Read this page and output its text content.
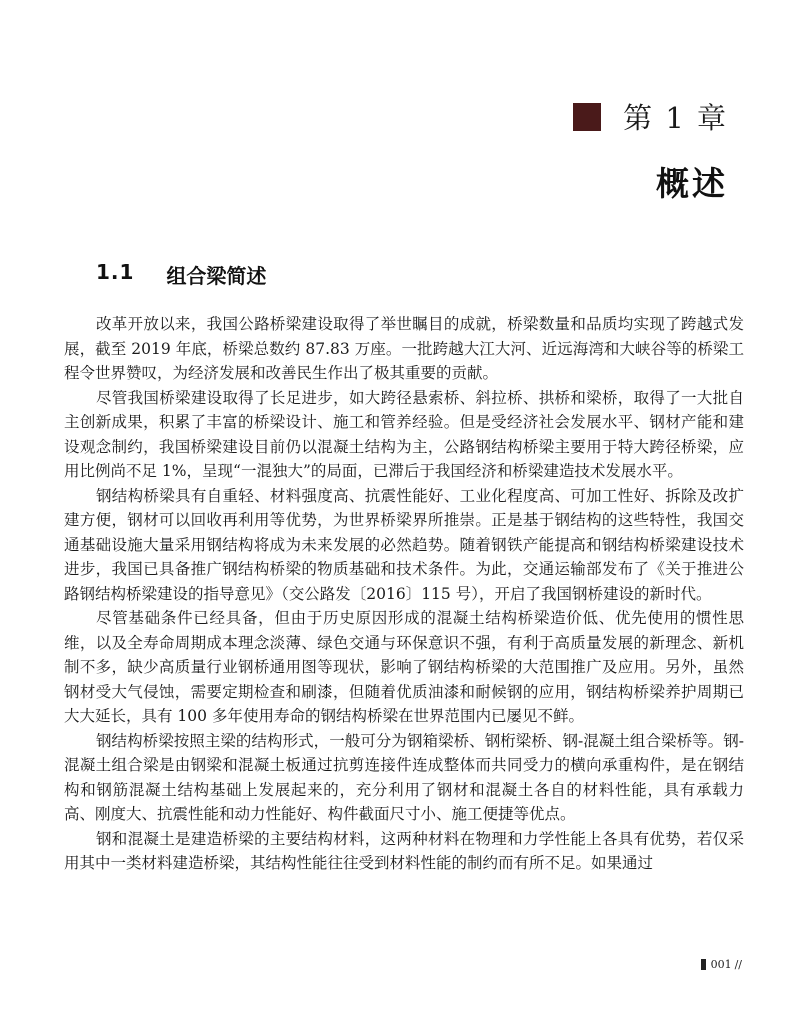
第 1 章
概述
1.1 组合梁简述

改革开放以来，我国公路桥梁建设取得了举世瞩目的成就，桥梁数量和品质均实现了跨越式发展，截至 2019 年底，桥梁总数约 87.83 万座。一批跨越大江大河、近远海湾和大峡谷等的桥梁工程令世界赞叹，为经济发展和改善民生作出了极其重要的贡献。

尽管我国桥梁建设取得了长足进步，如大跨径悬索桥、斜拉桥、拱桥和梁桥，取得了一大批自主创新成果，积累了丰富的桥梁设计、施工和管养经验。但是受经济社会发展水平、钢材产能和建设观念制约，我国桥梁建设目前仍以混凝土结构为主，公路钢结构桥梁主要用于特大跨径桥梁，应用比例尚不足 1%，呈现“一混独大”的局面，已滞后于我国经济和桥梁建造技术发展水平。

钢结构桥梁具有自重轻、材料强度高、抗震性能好、工业化程度高、可加工性好、拆除及改扩建方便，钢材可以回收再利用等优势，为世界桥梁界所推崇。正是基于钢结构的这些特性，我国交通基础设施大量采用钢结构将成为未来发展的必然趋势。随着钢铁产能提高和钢结构桥梁建设技术进步，我国已具备推广钢结构桥梁的物质基础和技术条件。为此，交通运输部发布了《关于推进公路钢结构桥梁建设的指导意见》（交公路发〔2016〕115 号），开启了我国钢桥建设的新时代。

尽管基础条件已经具备，但由于历史原因形成的混凝土结构桥梁造价低、优先使用的惯性思维，以及全寿命周期成本理念淡薄、绿色交通与环保意识不强，有利于高质量发展的新理念、新机制不多，缺少高质量行业钢桥通用图等现状，影响了钢结构桥梁的大范围推广及应用。另外，虽然钢材受大气侵蚀，需要定期检查和刷漆，但随着优质油漆和耐候钢的应用，钢结构桥梁养护周期已大大延长，具有 100 多年使用寿命的钢结构桥梁在世界范围内已屡见不鲜。

钢结构桥梁按照主梁的结构形式，一般可分为钢箱梁桥、钢桁梁桥、钢-混凝土组合梁桥等。钢-混凝土组合梁是由钢梁和混凝土板通过抗剪连接件连成整体而共同受力的横向承重构件，是在钢结构和钢筋混凝土结构基础上发展起来的，充分利用了钢材和混凝土各自的材料性能，具有承载力高、刚度大、抗震性能和动力性能好、构件截面尺寸小、施工便捷等优点。

钢和混凝土是建造桥梁的主要结构材料，这两种材料在物理和力学性能上各具有优势，若仅采用其中一类材料建造桥梁，其结构性能往往受到材料性能的制约而有所不足。如果通过

001 //
